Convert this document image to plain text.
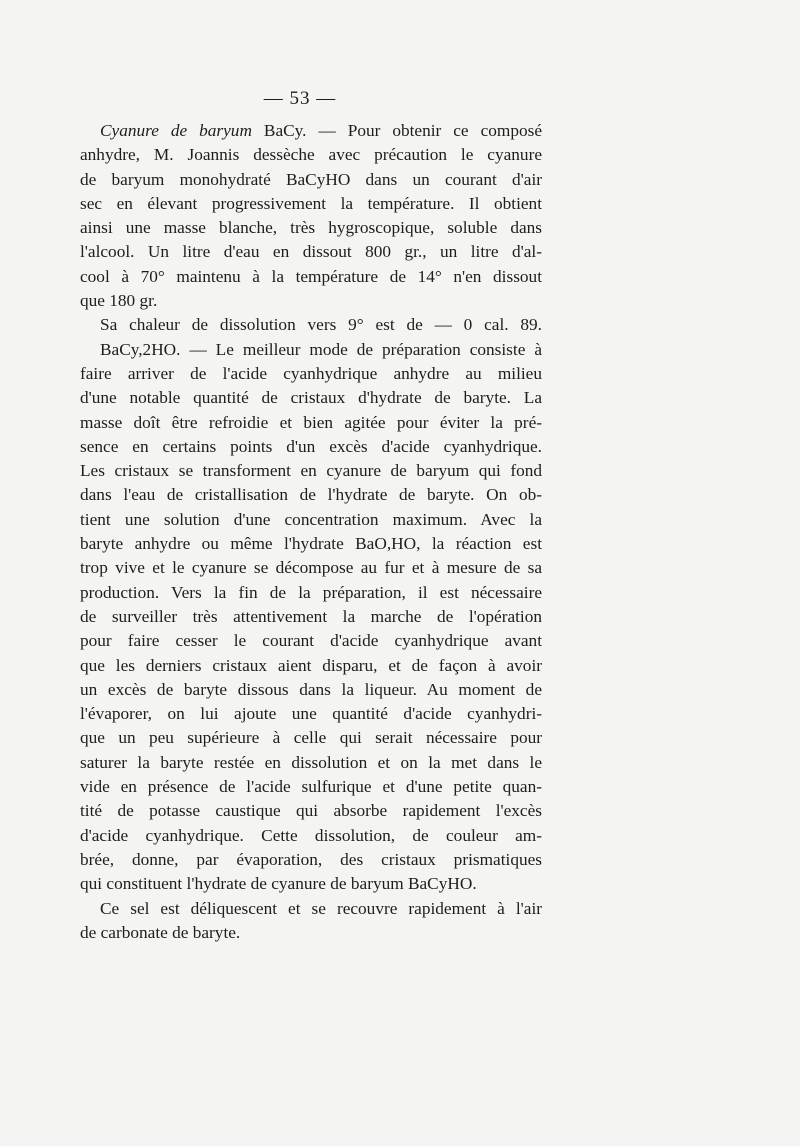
— 53 —
Cyanure de baryum BaCy. — Pour obtenir ce composé
anhydre, M. Joannis dessèche avec précaution le cyanure
de baryum monohydraté BaCyHO dans un courant d'air
sec en élevant progressivement la température. Il obtient
ainsi une masse blanche, très hygroscopique, soluble dans
l'alcool. Un litre d'eau en dissout 800 gr., un litre d'al-
cool à 70° maintenu à la température de 14° n'en dissout
que 180 gr.
Sa chaleur de dissolution vers 9° est de — 0 cal. 89.
BaCy,2HO. — Le meilleur mode de préparation consiste à
faire arriver de l'acide cyanhydrique anhydre au milieu
d'une notable quantité de cristaux d'hydrate de baryte. La
masse doît être refroidie et bien agitée pour éviter la pré-
sence en certains points d'un excès d'acide cyanhydrique.
Les cristaux se transforment en cyanure de baryum qui fond
dans l'eau de cristallisation de l'hydrate de baryte. On ob-
tient une solution d'une concentration maximum. Avec la
baryte anhydre ou même l'hydrate BaO,HO, la réaction est
trop vive et le cyanure se décompose au fur et à mesure de sa
production. Vers la fin de la préparation, il est nécessaire
de surveiller très attentivement la marche de l'opération
pour faire cesser le courant d'acide cyanhydrique avant
que les derniers cristaux aient disparu, et de façon à avoir
un excès de baryte dissous dans la liqueur. Au moment de
l'évaporer, on lui ajoute une quantité d'acide cyanhydri-
que un peu supérieure à celle qui serait nécessaire pour
saturer la baryte restée en dissolution et on la met dans le
vide en présence de l'acide sulfurique et d'une petite quan-
tité de potasse caustique qui absorbe rapidement l'excès
d'acide cyanhydrique. Cette dissolution, de couleur am-
brée, donne, par évaporation, des cristaux prismatiques
qui constituent l'hydrate de cyanure de baryum BaCyHO.
Ce sel est déliquescent et se recouvre rapidement à l'air
de carbonate de baryte.
